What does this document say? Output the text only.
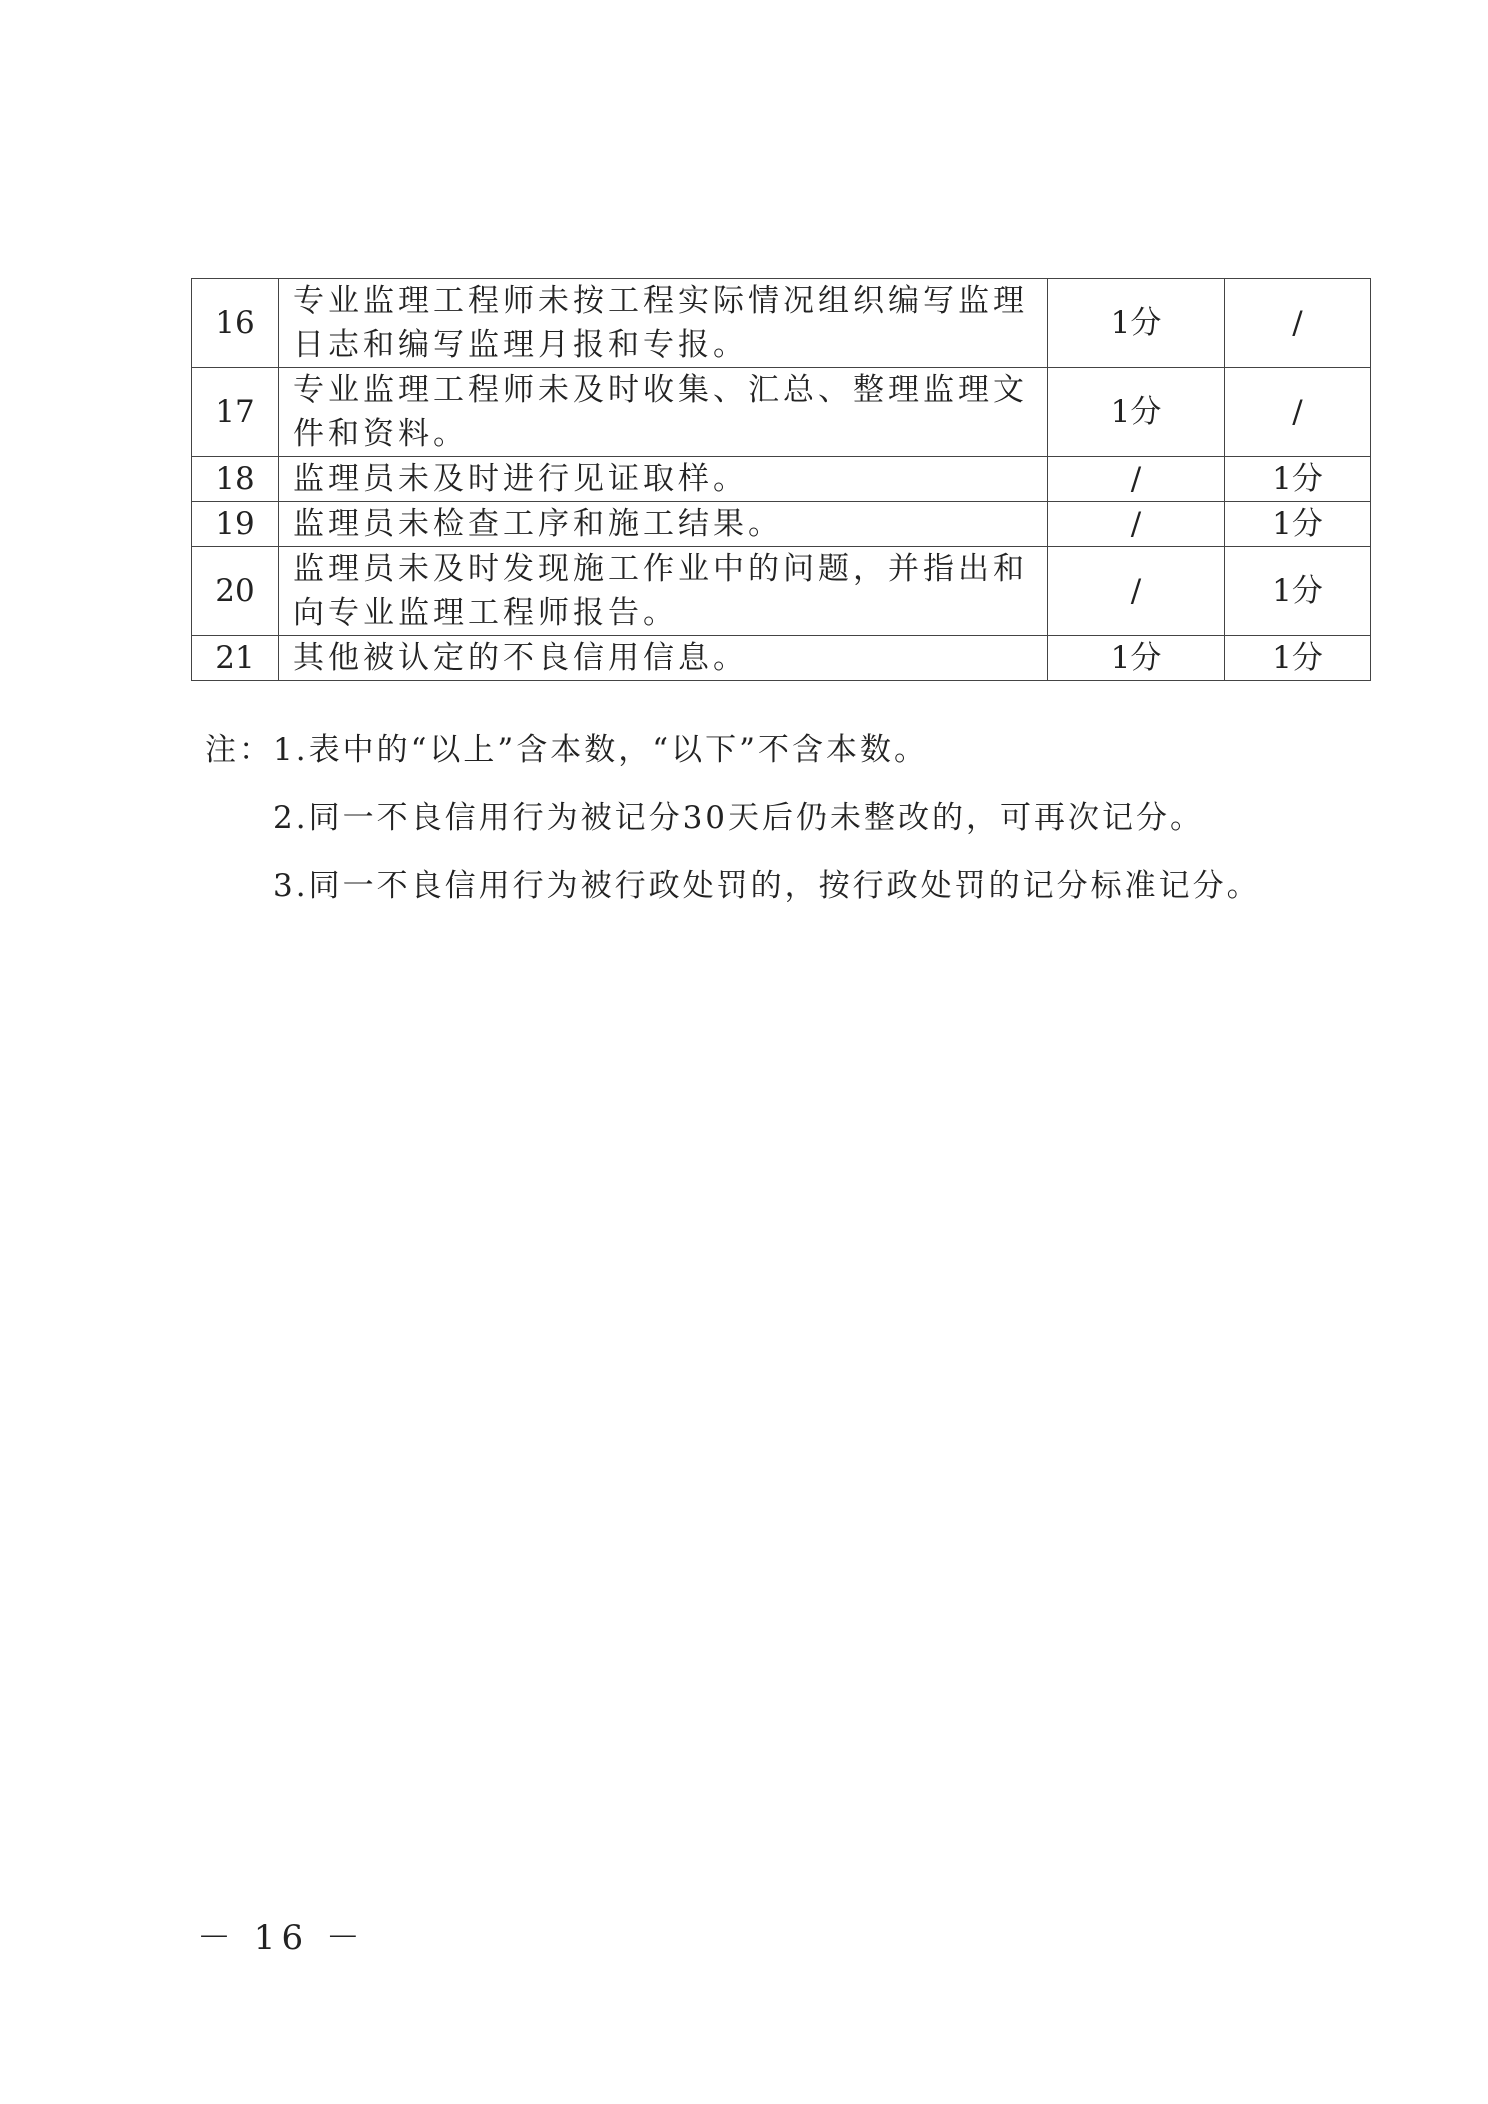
16	专业监理工程师未按工程实际情况组织编写监理日志和编写监理月报和专报。	1分	/
17	专业监理工程师未及时收集、汇总、整理监理文件和资料。	1分	/
18	监理员未及时进行见证取样。	/	1分
19	监理员未检查工序和施工结果。	/	1分
20	监理员未及时发现施工作业中的问题，并指出和向专业监理工程师报告。	/	1分
21	其他被认定的不良信用信息。	1分	1分
注：1.表中的“以上”含本数，“以下”不含本数。
2.同一不良信用行为被记分30天后仍未整改的，可再次记分。
3.同一不良信用行为被行政处罚的，按行政处罚的记分标准记分。
－ 16 －
